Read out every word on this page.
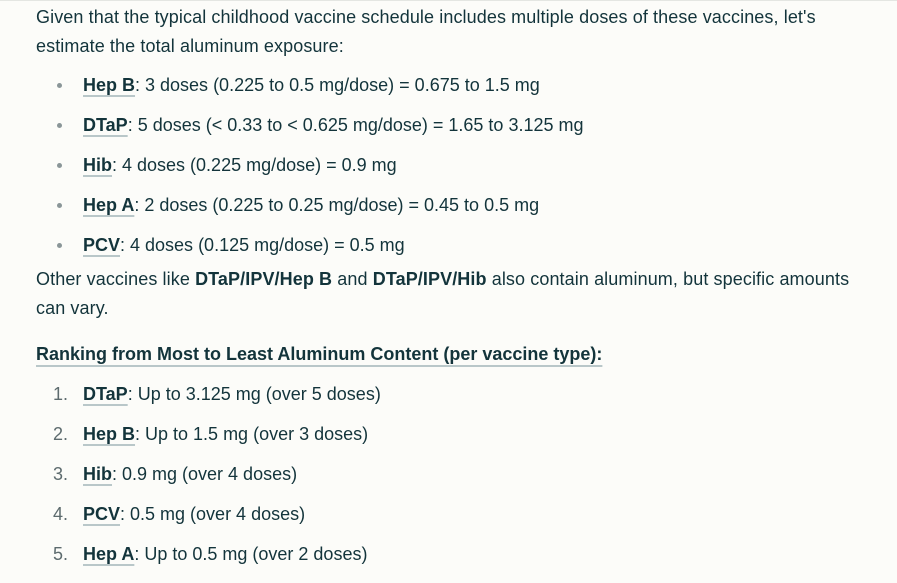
Given that the typical childhood vaccine schedule includes multiple doses of these vaccines, let's estimate the total aluminum exposure:

Hep B: 3 doses (0.225 to 0.5 mg/dose) = 0.675 to 1.5 mg
DTaP: 5 doses (< 0.33 to < 0.625 mg/dose) = 1.65 to 3.125 mg
Hib: 4 doses (0.225 mg/dose) = 0.9 mg
Hep A: 2 doses (0.225 to 0.25 mg/dose) = 0.45 to 0.5 mg
PCV: 4 doses (0.125 mg/dose) = 0.5 mg

Other vaccines like DTaP/IPV/Hep B and DTaP/IPV/Hib also contain aluminum, but specific amounts can vary.

Ranking from Most to Least Aluminum Content (per vaccine type):
1. DTaP: Up to 3.125 mg (over 5 doses)
2. Hep B: Up to 1.5 mg (over 3 doses)
3. Hib: 0.9 mg (over 4 doses)
4. PCV: 0.5 mg (over 4 doses)
5. Hep A: Up to 0.5 mg (over 2 doses)
